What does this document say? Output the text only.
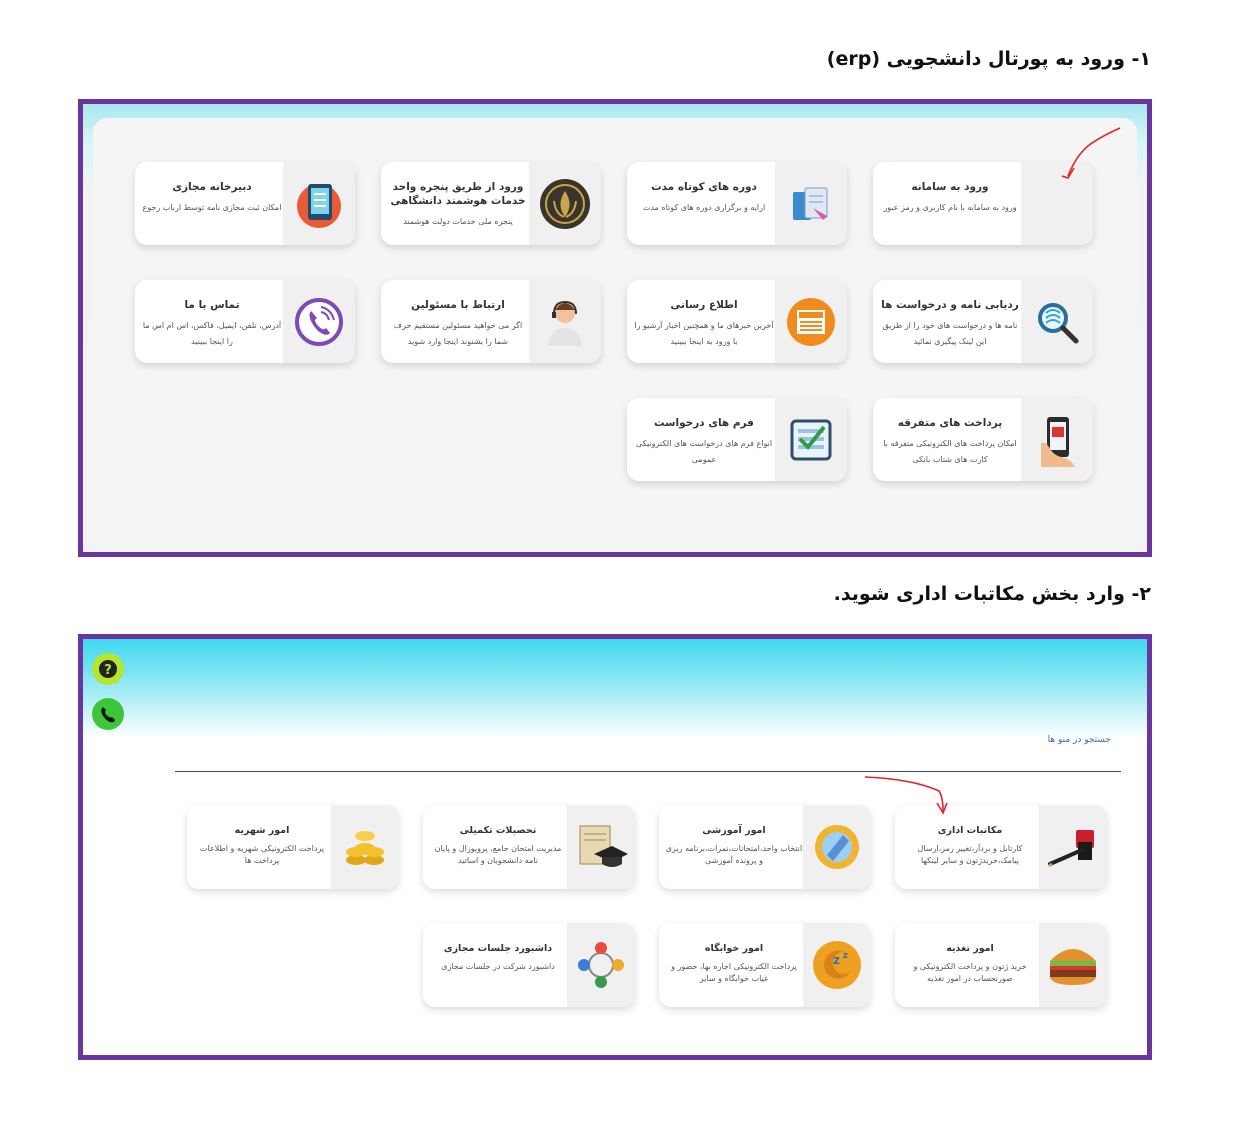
۱- ورود به پورتال دانشجویی (erp)
ورود به سامانه
ورود به سامانه با نام کاربری و رمز عبور
دوره های کوتاه مدت
ارایه و برگزاری دوره های کوتاه مدت
ورود از طریق پنجره واحد خدمات هوشمند دانشگاهی
پنجره ملی خدمات دولت هوشمند
دبیرخانه مجازی
امکان ثبت مجازی نامه توسط ارباب رجوع
ردیابی نامه و درخواست ها
نامه ها و درخواست های خود را از طریق این لینک پیگیری نمائید
اطلاع رسانی
آخرین خبرهای ما و همچنین اخبار آرشیو را با ورود به اینجا ببینید
ارتباط با مسئولین
اگر می خواهید مسئولین مستقیم حرف شما را بشنوند اینجا وارد شوید
تماس با ما
آدرس، تلفن، ایمیل، فاکس، اس ام اس ما را اینجا ببینید
پرداخت های متفرقه
امکان پرداخت های الکترونیکی متفرقه با کارت های شتاب بانکی
فرم های درخواست
انواع فرم های درخواست های الکترونیکی عمومی
۲- وارد بخش مکاتبات اداری شوید.
?
جستجو در منو ها
مکاتبات اداری
کارتابل و بردآر،تغییر رمز،ارسال پیامک،خرید‌ژتون و سایر لینکها
امور آموزشی
انتخاب واحد،امتحانات،نمرات،برنامه ریزی و پرونده آموزشی
تحصیلات تکمیلی
مدیریت امتحان جامع، پروپوزال و پایان نامه دانشجویان و اساتید
امور شهریه
پرداخت الکترونیکی شهریه و اطلاعات پرداخت ها
امور تغذیه
خرید ژتون و پرداخت الکترونیکی و صورتحساب در امور تغذیه
z z
امور خوابگاه
پرداخت الکترونیکی اجاره بها، حضور و غیاب خوابگاه و سایر
داشبورد جلسات مجازی
داشبورد شرکت در جلسات مجازی
